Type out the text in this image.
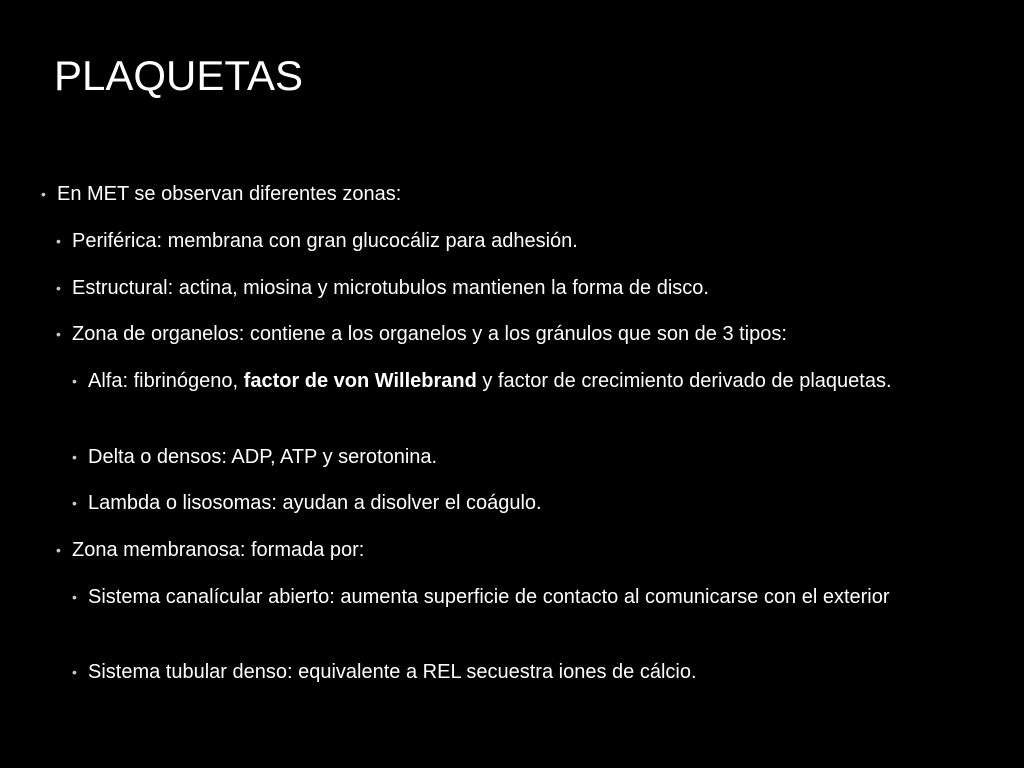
PLAQUETAS
• En MET se observan diferentes zonas:
• Periférica: membrana con gran glucocáliz para adhesión.
• Estructural: actina, miosina y microtubulos mantienen la forma de disco.
• Zona de organelos: contiene a los organelos y a los gránulos que son de 3 tipos:
• Alfa: fibrinógeno, factor de von Willebrand y factor de crecimiento derivado de plaquetas.
• Delta o densos: ADP, ATP y serotonina.
• Lambda o lisosomas: ayudan a disolver el coágulo.
• Zona membranosa: formada por:
• Sistema canalícular abierto: aumenta superficie de contacto al comunicarse con el exterior
• Sistema tubular denso: equivalente a REL secuestra iones de cálcio.
